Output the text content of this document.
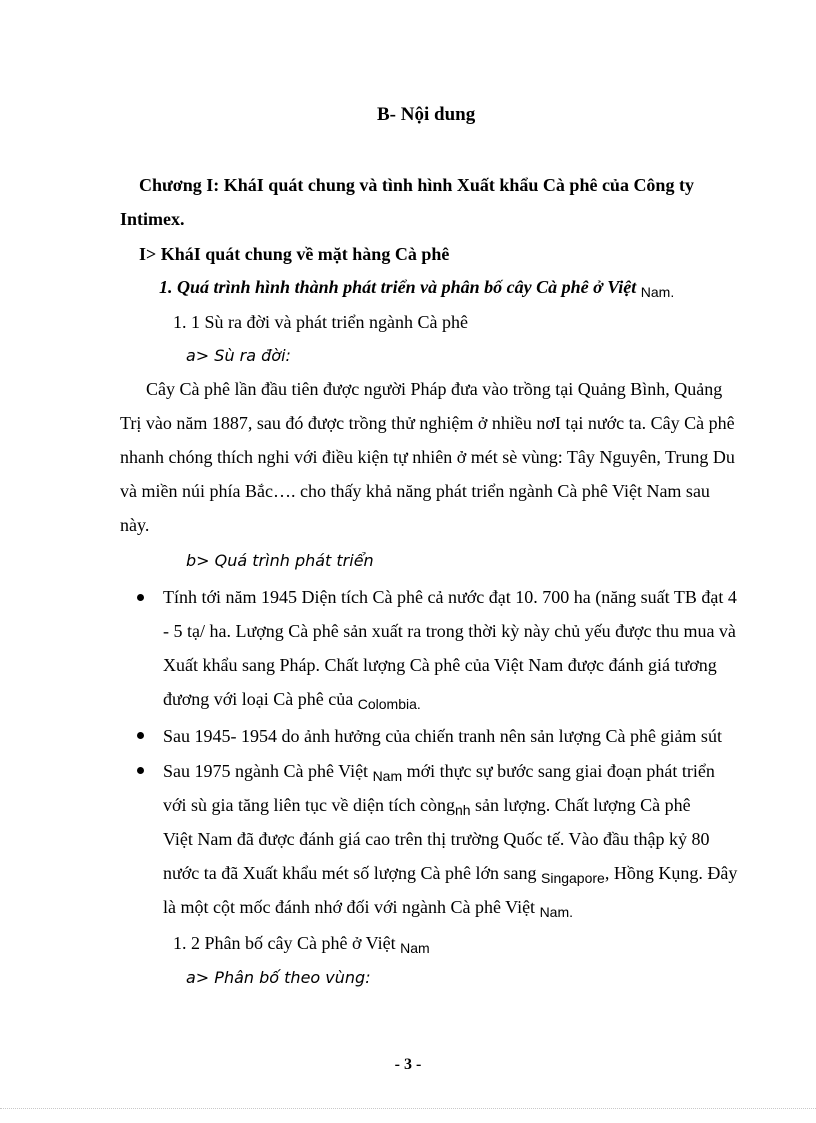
B- Nội dung
Chương I: KháI quát chung và tình hình Xuất khẩu Cà phê của Công ty
Intimex.
I> KháI quát chung về mặt hàng Cà phê
1. Quá trình hình thành phát triển và phân bố cây Cà phê ở Việt $_{Nam.}$
1. 1 Sù ra đời và phát triển ngành Cà phê
a> Sù ra đời:
Cây Cà phê lần đầu tiên được người Pháp đưa vào trồng tại Quảng Bình, Quảng
Trị vào năm 1887, sau đó được trồng thử nghiệm ở nhiều nơI tại nước ta. Cây Cà phê
nhanh chóng thích nghi với điều kiện tự nhiên ở mét sè vùng: Tây Nguyên, Trung Du
và miền núi phía Bắc…. cho thấy khả năng phát triển ngành Cà phê Việt Nam sau
này.
b> Quá trình phát triển
Tính tới năm 1945 Diện tích Cà phê cả nước đạt 10. 700 ha (năng suất TB đạt 4
- 5 tạ/ ha. Lượng Cà phê sản xuất ra trong thời kỳ này chủ yếu được thu mua và
Xuất khẩu sang Pháp. Chất lượng Cà phê của Việt Nam được đánh giá tương
đương với loại Cà phê của $_{Colombia.}$
Sau 1945- 1954 do ảnh hưởng của chiến tranh nên sản lượng Cà phê giảm sút
Sau 1975 ngành Cà phê Việt $_{Nam}$ mới thực sự bước sang giai đoạn phát triển
với sù gia tăng liên tục về diện tích còng$_{nh}$ sản lượng. Chất lượng Cà phê
Việt Nam đã được đánh giá cao trên thị trường Quốc tế. Vào đầu thập kỷ 80
nước ta đã Xuất khẩu mét số lượng Cà phê lớn sang $_{Singapore}$, Hồng Kụng. Đây
là một cột mốc đánh nhớ đối với ngành Cà phê Việt $_{Nam.}$
1. 2 Phân bố cây Cà phê ở Việt $_{Nam}$
a> Phân bố theo vùng:
- 3 -
